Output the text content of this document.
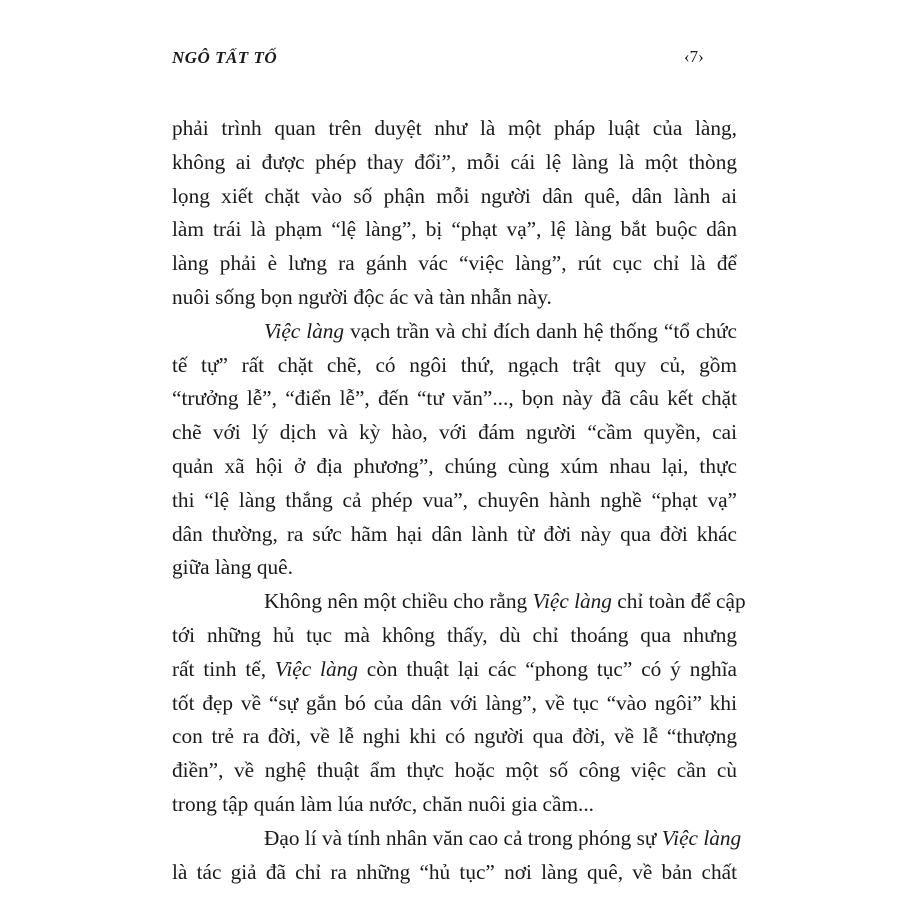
NGÔ TẤT TỐ	‹7›
phải trình quan trên duyệt như là một pháp luật của làng,
không ai được phép thay đổi”, mỗi cái lệ làng là một thòng
lọng xiết chặt vào số phận mỗi người dân quê, dân lành ai
làm trái là phạm “lệ làng”, bị “phạt vạ”, lệ làng bắt buộc dân
làng phải è lưng ra gánh vác “việc làng”, rút cục chỉ là để
nuôi sống bọn người độc ác và tàn nhẫn này.
Việc làng vạch trần và chỉ đích danh hệ thống “tổ chức
tế tự” rất chặt chẽ, có ngôi thứ, ngạch trật quy củ, gồm
“trưởng lễ”, “điển lễ”, đến “tư văn”..., bọn này đã câu kết chặt
chẽ với lý dịch và kỳ hào, với đám người “cầm quyền, cai
quản xã hội ở địa phương”, chúng cùng xúm nhau lại, thực
thi “lệ làng thắng cả phép vua”, chuyên hành nghề “phạt vạ”
dân thường, ra sức hãm hại dân lành từ đời này qua đời khác
giữa làng quê.
Không nên một chiều cho rằng Việc làng chỉ toàn để cập
tới những hủ tục mà không thấy, dù chỉ thoáng qua nhưng
rất tinh tế, Việc làng còn thuật lại các “phong tục” có ý nghĩa
tốt đẹp về “sự gắn bó của dân với làng”, về tục “vào ngôi” khi
con trẻ ra đời, về lễ nghi khi có người qua đời, về lễ “thượng
điền”, về nghệ thuật ẩm thực hoặc một số công việc cần cù
trong tập quán làm lúa nước, chăn nuôi gia cầm...
Đạo lí và tính nhân văn cao cả trong phóng sự Việc làng
là tác giả đã chỉ ra những “hủ tục” nơi làng quê, về bản chất
